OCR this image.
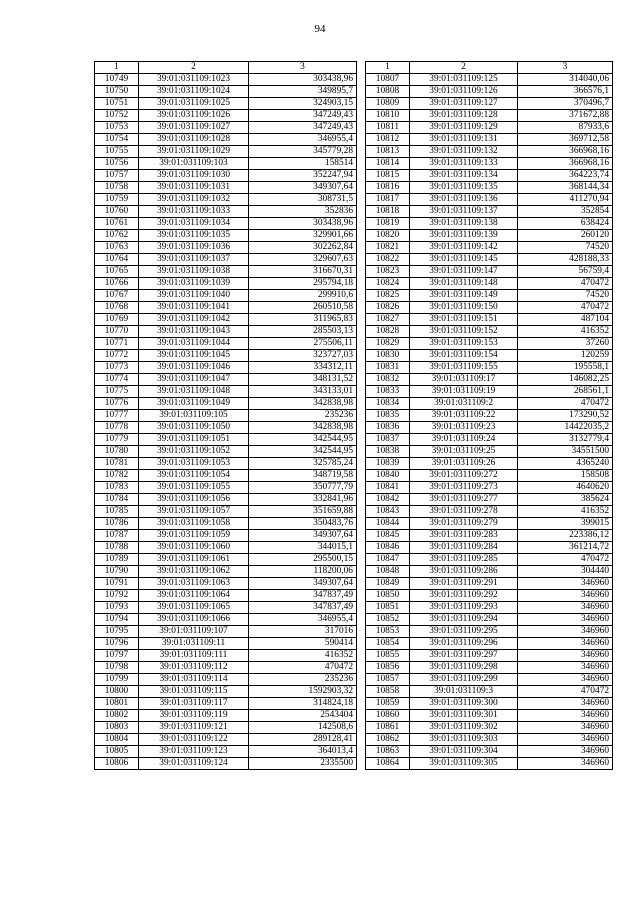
94
1	2	3
10749	39:01:031109:1023	303438,96
10750	39:01:031109:1024	349895,7
10751	39:01:031109:1025	324903,15
10752	39:01:031109:1026	347249,43
10753	39:01:031109:1027	347249,43
10754	39:01:031109:1028	346955,4
10755	39:01:031109:1029	345779,28
10756	39:01:031109:103	158514
10757	39:01:031109:1030	352247,94
10758	39:01:031109:1031	349307,64
10759	39:01:031109:1032	308731,5
10760	39:01:031109:1033	352836
10761	39:01:031109:1034	303438,96
10762	39:01:031109:1035	329901,66
10763	39:01:031109:1036	302262,84
10764	39:01:031109:1037	329607,63
10765	39:01:031109:1038	316670,31
10766	39:01:031109:1039	295794,18
10767	39:01:031109:1040	299910,6
10768	39:01:031109:1041	260510,58
10769	39:01:031109:1042	311965,83
10770	39:01:031109:1043	285503,13
10771	39:01:031109:1044	275506,11
10772	39:01:031109:1045	323727,03
10773	39:01:031109:1046	334312,11
10774	39:01:031109:1047	348131,52
10775	39:01:031109:1048	343133,01
10776	39:01:031109:1049	342838,98
10777	39:01:031109:105	235236
10778	39:01:031109:1050	342838,98
10779	39:01:031109:1051	342544,95
10780	39:01:031109:1052	342544,95
10781	39:01:031109:1053	325785,24
10782	39:01:031109:1054	348719,58
10783	39:01:031109:1055	350777,79
10784	39:01:031109:1056	332841,96
10785	39:01:031109:1057	351659,88
10786	39:01:031109:1058	350483,76
10787	39:01:031109:1059	349307,64
10788	39:01:031109:1060	344015,1
10789	39:01:031109:1061	295500,15
10790	39:01:031109:1062	118200,06
10791	39:01:031109:1063	349307,64
10792	39:01:031109:1064	347837,49
10793	39:01:031109:1065	347837,49
10794	39:01:031109:1066	346955,4
10795	39:01:031109:107	317016
10796	39:01:031109:11	590414
10797	39:01:031109:111	416352
10798	39:01:031109:112	470472
10799	39:01:031109:114	235236
10800	39:01:031109:115	1592903,32
10801	39:01:031109:117	314824,18
10802	39:01:031109:119	2543404
10803	39:01:031109:121	142508,6
10804	39:01:031109:122	289128,41
10805	39:01:031109:123	364013,4
10806	39:01:031109:124	2335500
1	2	3
10807	39:01:031109:125	314040,06
10808	39:01:031109:126	366576,1
10809	39:01:031109:127	370496,7
10810	39:01:031109:128	371672,88
10811	39:01:031109:129	87933,6
10812	39:01:031109:131	369712,58
10813	39:01:031109:132	366968,16
10814	39:01:031109:133	366968,16
10815	39:01:031109:134	364223,74
10816	39:01:031109:135	368144,34
10817	39:01:031109:136	411270,94
10818	39:01:031109:137	352854
10819	39:01:031109:138	638424
10820	39:01:031109:139	260120
10821	39:01:031109:142	74520
10822	39:01:031109:145	428188,33
10823	39:01:031109:147	56759,4
10824	39:01:031109:148	470472
10825	39:01:031109:149	74520
10826	39:01:031109:150	470472
10827	39:01:031109:151	487104
10828	39:01:031109:152	416352
10829	39:01:031109:153	37260
10830	39:01:031109:154	120259
10831	39:01:031109:155	195558,1
10832	39:01:031109:17	146082,25
10833	39:01:031109:19	268561,1
10834	39:01:031109:2	470472
10835	39:01:031109:22	173290,52
10836	39:01:031109:23	14422035,2
10837	39:01:031109:24	3132779,4
10838	39:01:031109:25	34551500
10839	39:01:031109:26	4365240
10840	39:01:031109:272	158508
10841	39:01:031109:273	4640620
10842	39:01:031109:277	385624
10843	39:01:031109:278	416352
10844	39:01:031109:279	399015
10845	39:01:031109:283	223386,12
10846	39:01:031109:284	361214,72
10847	39:01:031109:285	470472
10848	39:01:031109:286	304440
10849	39:01:031109:291	346960
10850	39:01:031109:292	346960
10851	39:01:031109:293	346960
10852	39:01:031109:294	346960
10853	39:01:031109:295	346960
10854	39:01:031109:296	346960
10855	39:01:031109:297	346960
10856	39:01:031109:298	346960
10857	39:01:031109:299	346960
10858	39:01:031109:3	470472
10859	39:01:031109:300	346960
10860	39:01:031109:301	346960
10861	39:01:031109:302	346960
10862	39:01:031109:303	346960
10863	39:01:031109:304	346960
10864	39:01:031109:305	346960
